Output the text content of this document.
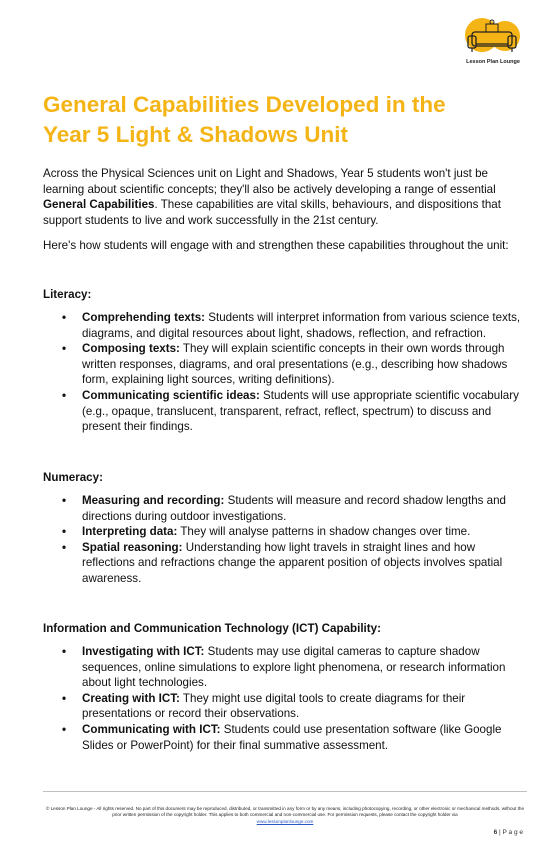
Lesson Plan Lounge
General Capabilities Developed in the
Year 5 Light & Shadows Unit

Across the Physical Sciences unit on Light and Shadows, Year 5 students won't just be learning about scientific concepts; they'll also be actively developing a range of essential General Capabilities. These capabilities are vital skills, behaviours, and dispositions that support students to live and work successfully in the 21st century.

Here's how students will engage with and strengthen these capabilities throughout the unit:

Literacy:

• Comprehending texts: Students will interpret information from various science texts, diagrams, and digital resources about light, shadows, reflection, and refraction.
• Composing texts: They will explain scientific concepts in their own words through written responses, diagrams, and oral presentations (e.g., describing how shadows form, explaining light sources, writing definitions).
• Communicating scientific ideas: Students will use appropriate scientific vocabulary (e.g., opaque, translucent, transparent, refract, reflect, spectrum) to discuss and present their findings.

Numeracy:

• Measuring and recording: Students will measure and record shadow lengths and directions during outdoor investigations.
• Interpreting data: They will analyse patterns in shadow changes over time.
• Spatial reasoning: Understanding how light travels in straight lines and how reflections and refractions change the apparent position of objects involves spatial awareness.

Information and Communication Technology (ICT) Capability:

• Investigating with ICT: Students may use digital cameras to capture shadow sequences, online simulations to explore light phenomena, or research information about light technologies.
• Creating with ICT: They might use digital tools to create diagrams for their presentations or record their observations.
• Communicating with ICT: Students could use presentation software (like Google Slides or PowerPoint) for their final summative assessment.

© Lesson Plan Lounge - All rights reserved. No part of this document may be reproduced, distributed, or transmitted in any form or by any means, including photocopying, recording, or other electronic or mechanical methods, without the prior written permission of the copyright holder. This applies to both commercial and non-commercial use. For permission requests, please contact the copyright holder via
www.lessonplanlounge.com

6 | P a g e
